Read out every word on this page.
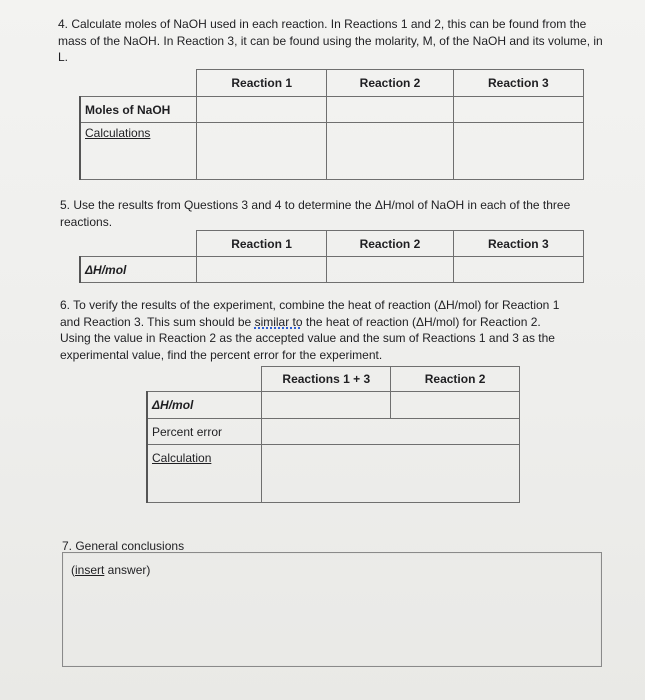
4. Calculate moles of NaOH used in each reaction. In Reactions 1 and 2, this can be found from the mass of the NaOH. In Reaction 3, it can be found using the molarity, M, of the NaOH and its volume, in L.

	Reaction 1	Reaction 2	Reaction 3
Moles of NaOH			
Calculations			

5. Use the results from Questions 3 and 4 to determine the ΔH/mol of NaOH in each of the three reactions.

	Reaction 1	Reaction 2	Reaction 3
ΔH/mol			
6. To verify the results of the experiment, combine the heat of reaction (ΔH/mol) for Reaction 1
and Reaction 3. This sum should be similar to the heat of reaction (ΔH/mol) for Reaction 2.
Using the value in Reaction 2 as the accepted value and the sum of Reactions 1 and 3 as the
experimental value, find the percent error for the experiment.
	Reactions 1 + 3	Reaction 2
ΔH/mol		
Percent error		
Calculation		
7. General conclusions
(insert answer)
